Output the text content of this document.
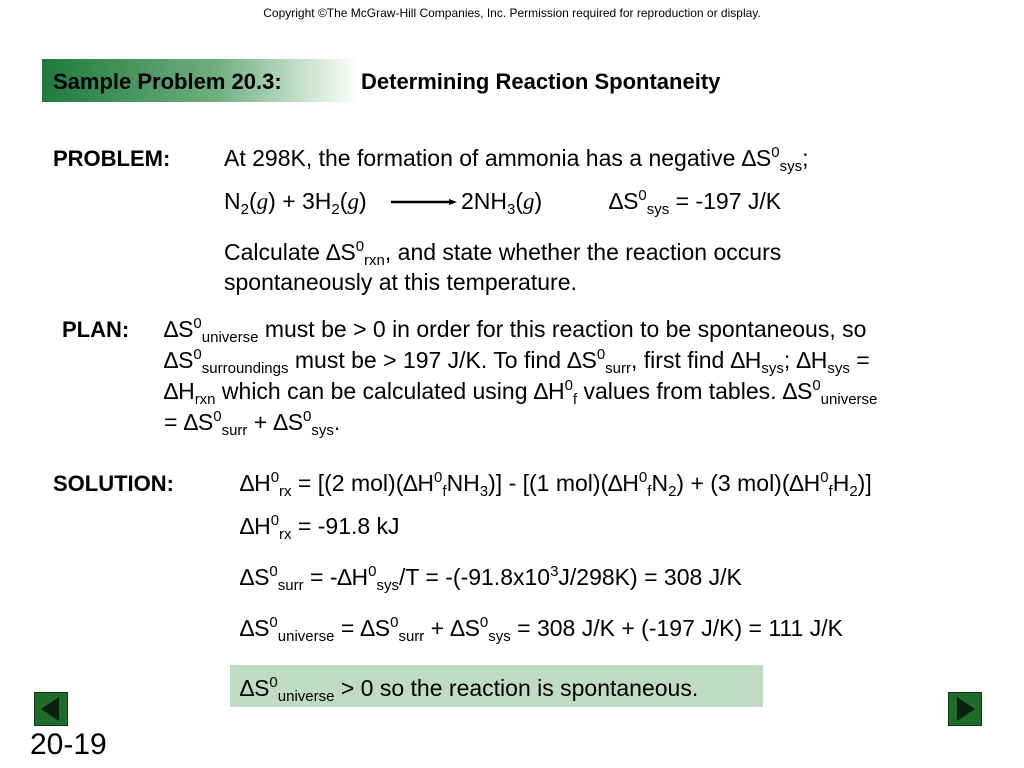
Copyright ©The McGraw-Hill Companies, Inc. Permission required for reproduction or display.
Sample Problem 20.3:	Determining Reaction Spontaneity
PROBLEM: At 298K, the formation of ammonia has a negative $\Delta S^0_{sys}$;
$N_2(g) + 3H_2(g)$	$2NH_3(g)$	$\Delta S^0_{sys} = -197$ J/K
Calculate $\Delta S^0_{rxn}$, and state whether the reaction occurs
spontaneously at this temperature.
PLAN: $\Delta S^0_{universe}$ must be > 0 in order for this reaction to be spontaneous, so
$\Delta S^0_{surroundings}$ must be > 197 J/K. To find $\Delta S^0_{surr}$, first find $\Delta H_{sys}$; $\Delta H_{sys}$ =
$\Delta H_{rxn}$ which can be calculated using $\Delta H^0_f$ values from tables. $\Delta S^0_{universe}$
= $\Delta S^0_{surr} + \Delta S^0_{sys}$.
SOLUTION:	$\Delta H^0_{rx} = [(2$ $mol)(\Delta H^0_fNH_3)] - [(1$ $mol)(\Delta H^0_fN_2) + (3$ $mol)(\Delta H^0_fH_2)$]
$\Delta H^0_{rx} = -91.8$ kJ
$\Delta S^0_{surr} = -\Delta H^0_{sys}/T = -(-91.8x10^3J/298K) = 308$ J/K
$\Delta S^0_{universe} = \Delta S^0_{surr} + \Delta S^0_{sys} = 308$ J/K + (-197 J/K) = 111 J/K
$\Delta S^0_{universe} > 0$ so the reaction is spontaneous.
20-19
